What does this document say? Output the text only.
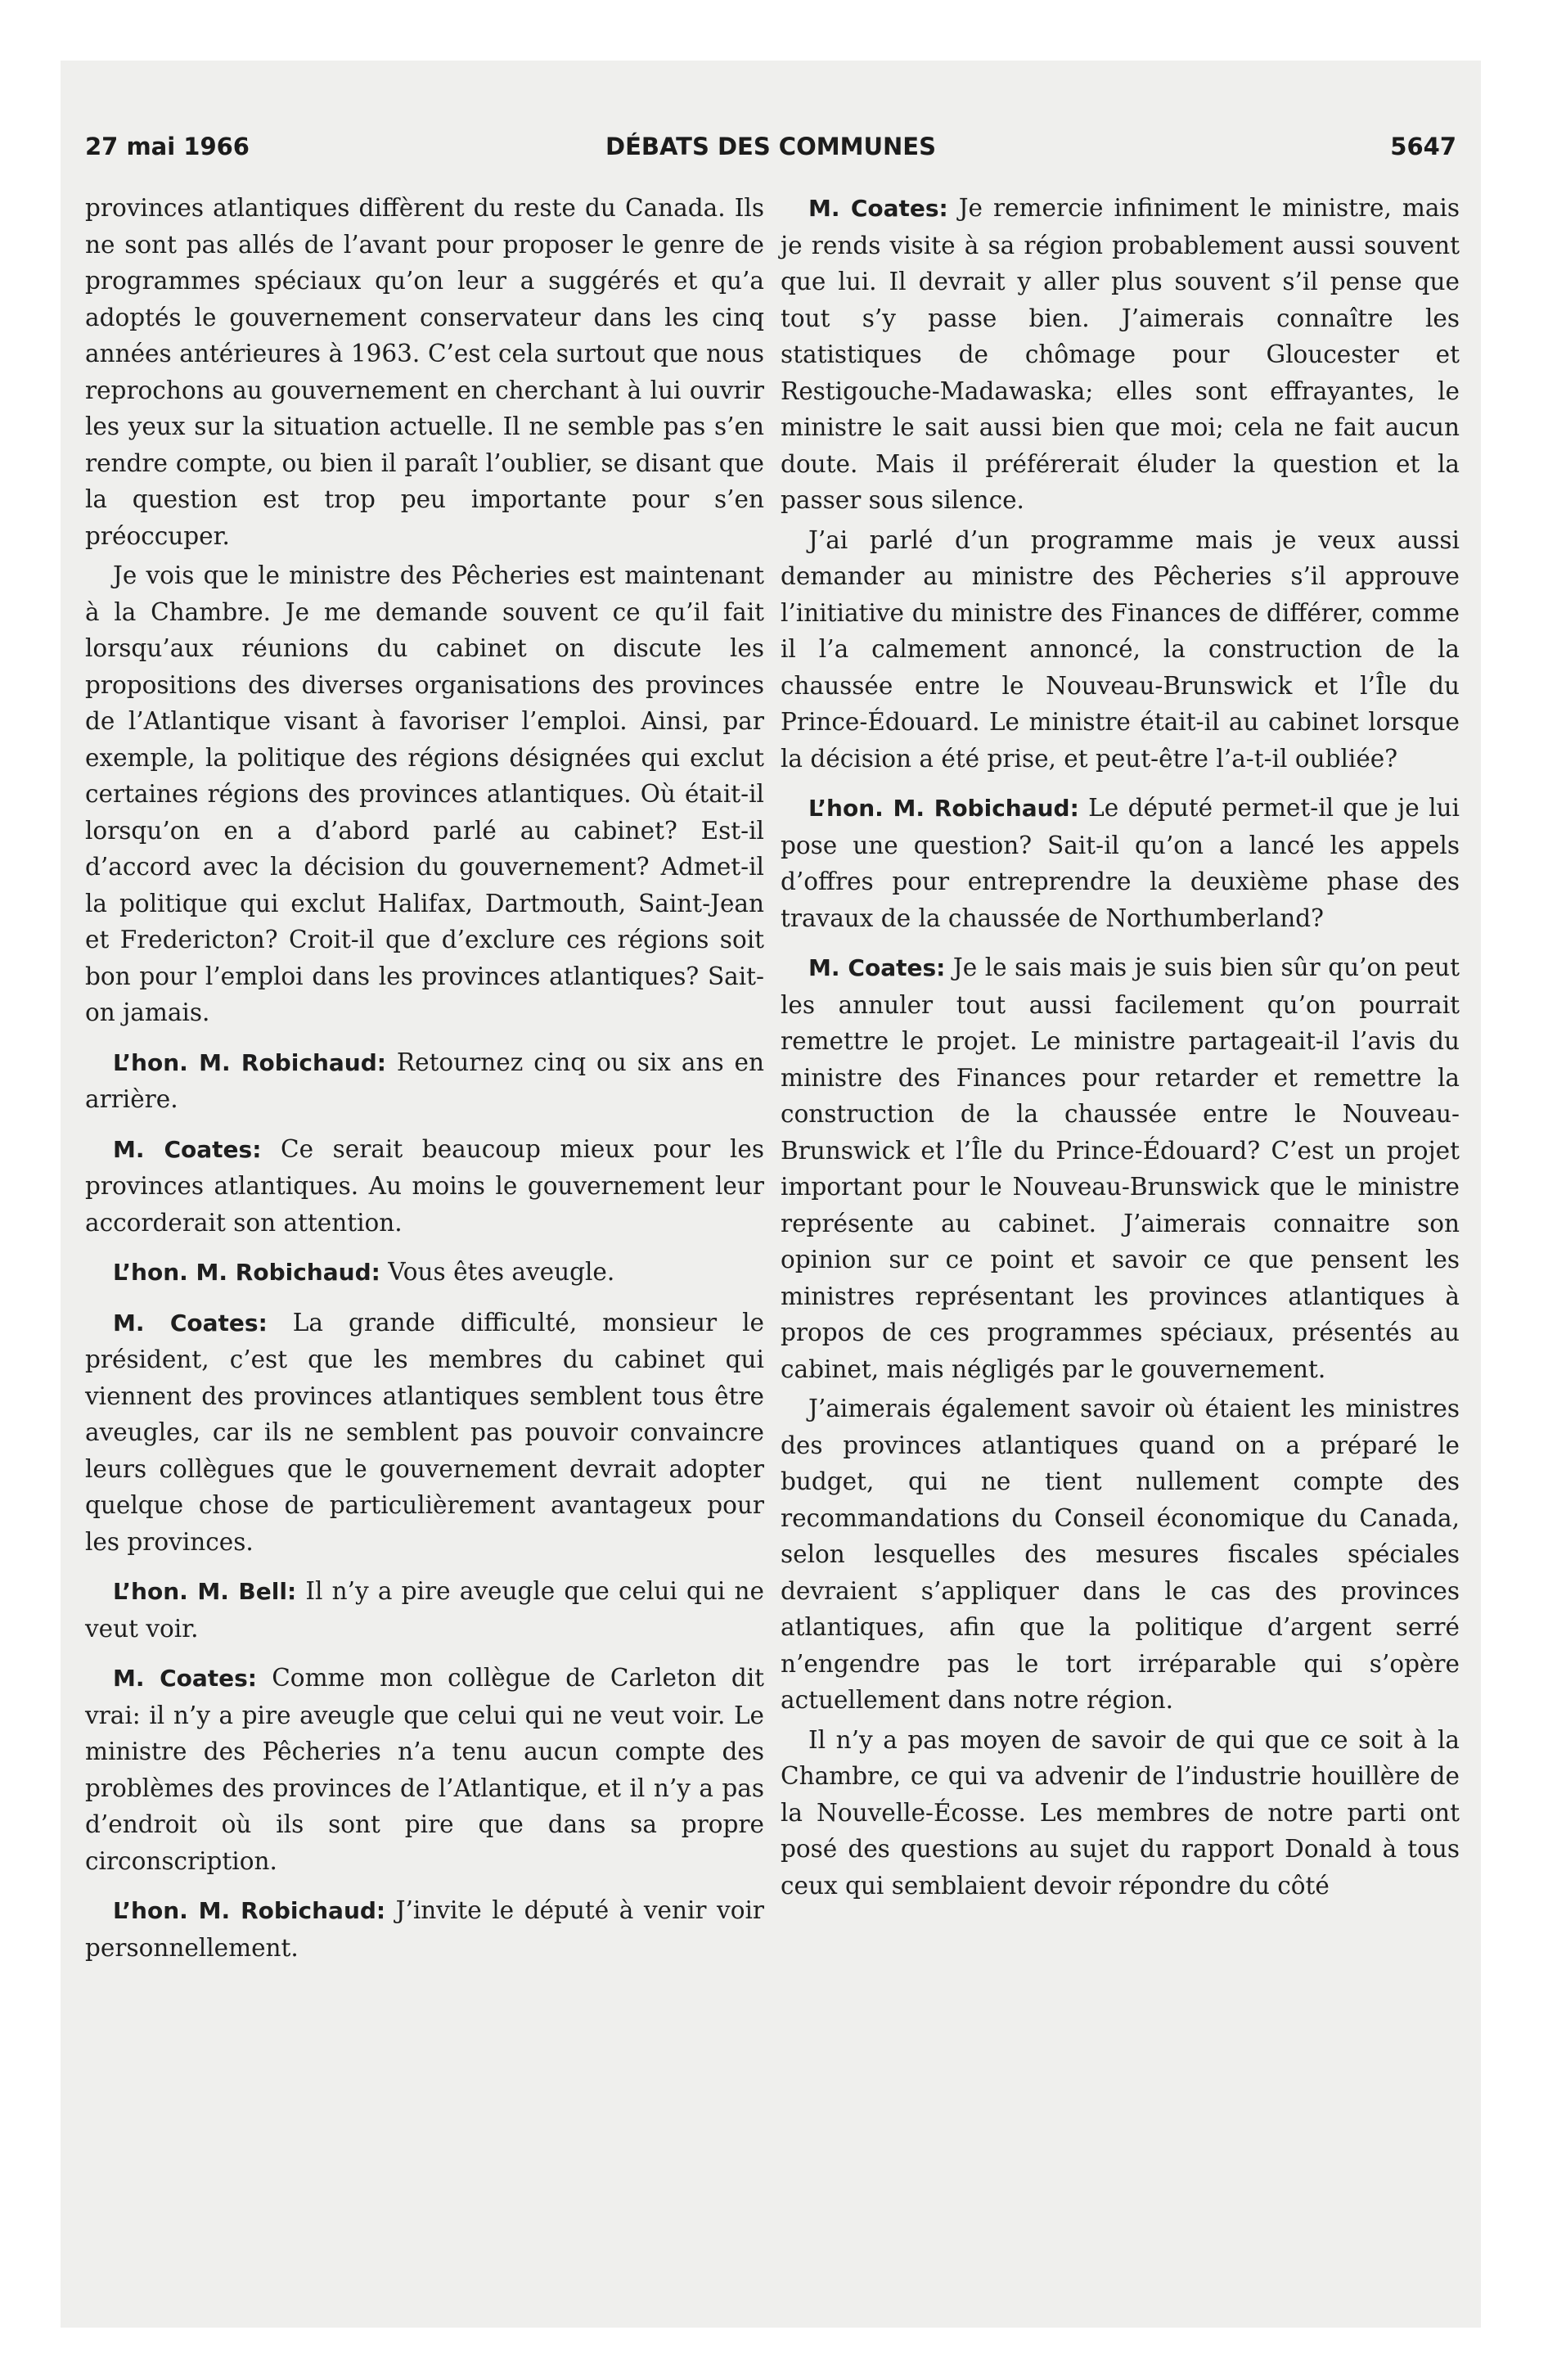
27 mai 1966	DÉBATS DES COMMUNES	5647

provinces atlantiques diffèrent du reste du Canada. Ils ne sont pas allés de l’avant pour proposer le genre de programmes spéciaux qu’on leur a suggérés et qu’a adoptés le gouvernement conservateur dans les cinq années antérieures à 1963. C’est cela surtout que nous reprochons au gouvernement en cherchant à lui ouvrir les yeux sur la situation actuelle. Il ne semble pas s’en rendre compte, ou bien il paraît l’oublier, se disant que la question est trop peu importante pour s’en préoccuper.

Je vois que le ministre des Pêcheries est maintenant à la Chambre. Je me demande souvent ce qu’il fait lorsqu’aux réunions du cabinet on discute les propositions des diverses organisations des provinces de l’Atlantique visant à favoriser l’emploi. Ainsi, par exemple, la politique des régions désignées qui exclut certaines régions des provinces atlantiques. Où était-il lorsqu’on en a d’abord parlé au cabinet? Est-il d’accord avec la décision du gouvernement? Admet-il la politique qui exclut Halifax, Dartmouth, Saint-Jean et Fredericton? Croit-il que d’exclure ces régions soit bon pour l’emploi dans les provinces atlantiques? Sait-on jamais.

L’hon. M. Robichaud: Retournez cinq ou six ans en arrière.

M. Coates: Ce serait beaucoup mieux pour les provinces atlantiques. Au moins le gouvernement leur accorderait son attention.

L’hon. M. Robichaud: Vous êtes aveugle.

M. Coates: La grande difficulté, monsieur le président, c’est que les membres du cabinet qui viennent des provinces atlantiques semblent tous être aveugles, car ils ne semblent pas pouvoir convaincre leurs collègues que le gouvernement devrait adopter quelque chose de particulièrement avantageux pour les provinces.

L’hon. M. Bell: Il n’y a pire aveugle que celui qui ne veut voir.

M. Coates: Comme mon collègue de Carleton dit vrai: il n’y a pire aveugle que celui qui ne veut voir. Le ministre des Pêcheries n’a tenu aucun compte des problèmes des provinces de l’Atlantique, et il n’y a pas d’endroit où ils sont pire que dans sa propre circonscription.

L’hon. M. Robichaud: J’invite le député à venir voir personnellement.

M. Coates: Je remercie infiniment le ministre, mais je rends visite à sa région probablement aussi souvent que lui. Il devrait y aller plus souvent s’il pense que tout s’y passe bien. J’aimerais connaître les statistiques de chômage pour Gloucester et Restigouche-Madawaska; elles sont effrayantes, le ministre le sait aussi bien que moi; cela ne fait aucun doute. Mais il préférerait éluder la question et la passer sous silence.

J’ai parlé d’un programme mais je veux aussi demander au ministre des Pêcheries s’il approuve l’initiative du ministre des Finances de différer, comme il l’a calmement annoncé, la construction de la chaussée entre le Nouveau-Brunswick et l’Île du Prince-Édouard. Le ministre était-il au cabinet lorsque la décision a été prise, et peut-être l’a-t-il oubliée?

L’hon. M. Robichaud: Le député permet-il que je lui pose une question? Sait-il qu’on a lancé les appels d’offres pour entreprendre la deuxième phase des travaux de la chaussée de Northumberland?

M. Coates: Je le sais mais je suis bien sûr qu’on peut les annuler tout aussi facilement qu’on pourrait remettre le projet. Le ministre partageait-il l’avis du ministre des Finances pour retarder et remettre la construction de la chaussée entre le Nouveau-Brunswick et l’Île du Prince-Édouard? C’est un projet important pour le Nouveau-Brunswick que le ministre représente au cabinet. J’aimerais connaitre son opinion sur ce point et savoir ce que pensent les ministres représentant les provinces atlantiques à propos de ces programmes spéciaux, présentés au cabinet, mais négligés par le gouvernement.

J’aimerais également savoir où étaient les ministres des provinces atlantiques quand on a préparé le budget, qui ne tient nullement compte des recommandations du Conseil économique du Canada, selon lesquelles des mesures fiscales spéciales devraient s’appliquer dans le cas des provinces atlantiques, afin que la politique d’argent serré n’engendre pas le tort irréparable qui s’opère actuellement dans notre région.

Il n’y a pas moyen de savoir de qui que ce soit à la Chambre, ce qui va advenir de l’industrie houillère de la Nouvelle-Écosse. Les membres de notre parti ont posé des questions au sujet du rapport Donald à tous ceux qui semblaient devoir répondre du côté
